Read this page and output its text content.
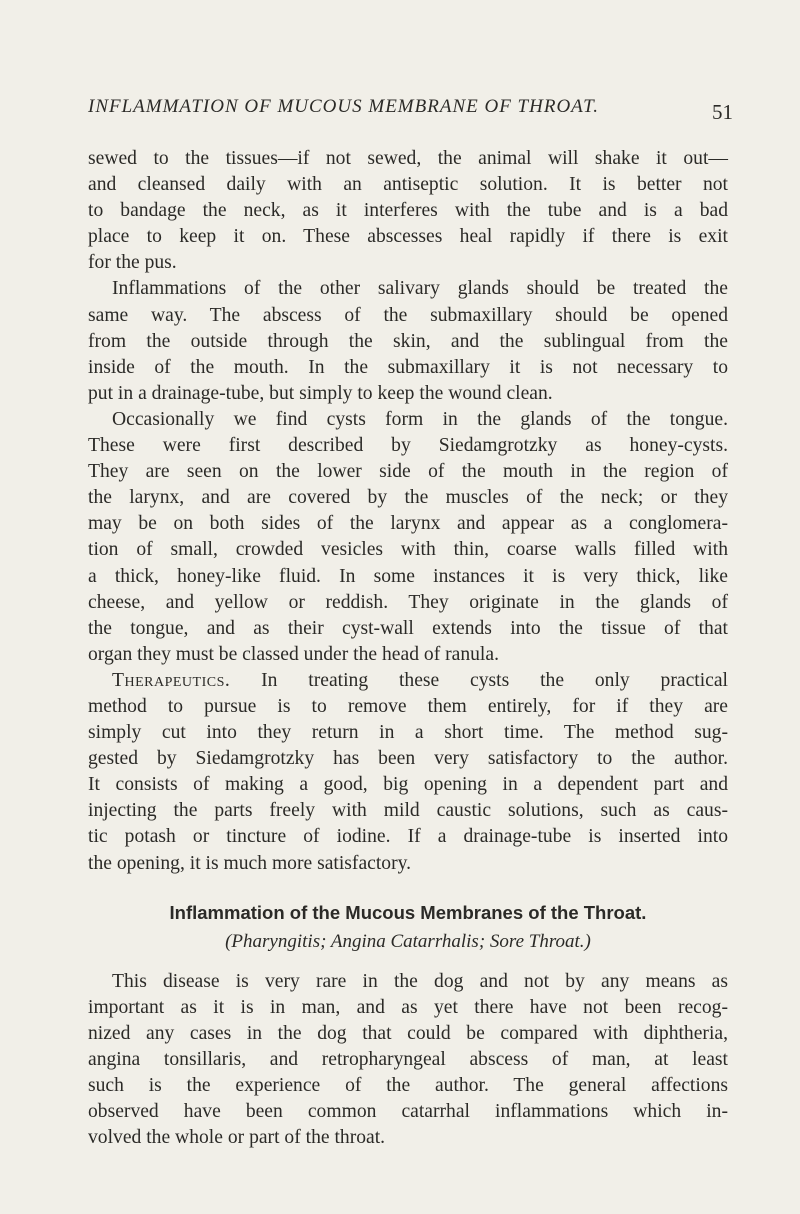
INFLAMMATION OF MUCOUS MEMBRANE OF THROAT.	51
sewed to the tissues—if not sewed, the animal will shake it out—
and cleansed daily with an antiseptic solution. It is better not
to bandage the neck, as it interferes with the tube and is a bad
place to keep it on. These abscesses heal rapidly if there is exit
for the pus.
Inflammations of the other salivary glands should be treated the
same way. The abscess of the submaxillary should be opened
from the outside through the skin, and the sublingual from the
inside of the mouth. In the submaxillary it is not necessary to
put in a drainage-tube, but simply to keep the wound clean.
Occasionally we find cysts form in the glands of the tongue.
These were first described by Siedamgrotzky as honey-cysts.
They are seen on the lower side of the mouth in the region of
the larynx, and are covered by the muscles of the neck; or they
may be on both sides of the larynx and appear as a conglomera-
tion of small, crowded vesicles with thin, coarse walls filled with
a thick, honey-like fluid. In some instances it is very thick, like
cheese, and yellow or reddish. They originate in the glands of
the tongue, and as their cyst-wall extends into the tissue of that
organ they must be classed under the head of ranula.
Therapeutics. In treating these cysts the only practical
method to pursue is to remove them entirely, for if they are
simply cut into they return in a short time. The method sug-
gested by Siedamgrotzky has been very satisfactory to the author.
It consists of making a good, big opening in a dependent part and
injecting the parts freely with mild caustic solutions, such as caus-
tic potash or tincture of iodine. If a drainage-tube is inserted into
the opening, it is much more satisfactory.
Inflammation of the Mucous Membranes of the Throat.
(Pharyngitis; Angina Catarrhalis; Sore Throat.)
This disease is very rare in the dog and not by any means as
important as it is in man, and as yet there have not been recog-
nized any cases in the dog that could be compared with diphtheria,
angina tonsillaris, and retropharyngeal abscess of man, at least
such is the experience of the author. The general affections
observed have been common catarrhal inflammations which in-
volved the whole or part of the throat.
